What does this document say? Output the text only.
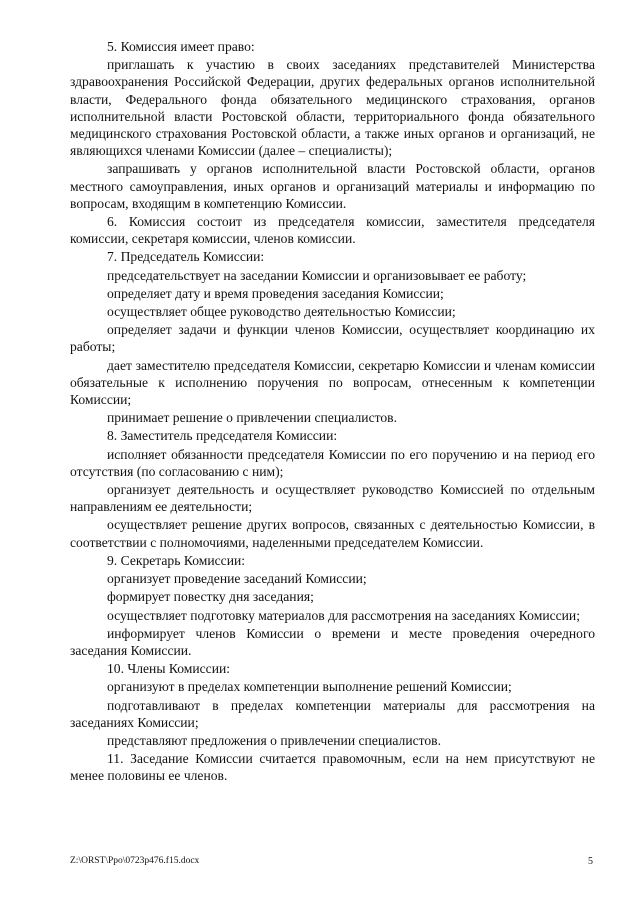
5. Комиссия имеет право:

приглашать к участию в своих заседаниях представителей Министерства здравоохранения Российской Федерации, других федеральных органов исполнительной власти, Федерального фонда обязательного медицинского страхования, органов исполнительной власти Ростовской области, территориального фонда обязательного медицинского страхования Ростовской области, а также иных органов и организаций, не являющихся членами Комиссии (далее – специалисты);

запрашивать у органов исполнительной власти Ростовской области, органов местного самоуправления, иных органов и организаций материалы и информацию по вопросам, входящим в компетенцию Комиссии.

6. Комиссия состоит из председателя комиссии, заместителя председателя комиссии, секретаря комиссии, членов комиссии.

7. Председатель Комиссии:

председательствует на заседании Комиссии и организовывает ее работу;

определяет дату и время проведения заседания Комиссии;

осуществляет общее руководство деятельностью Комиссии;

определяет задачи и функции членов Комиссии, осуществляет координацию их работы;

дает заместителю председателя Комиссии, секретарю Комиссии и членам комиссии обязательные к исполнению поручения по вопросам, отнесенным к компетенции Комиссии;

принимает решение о привлечении специалистов.

8. Заместитель председателя Комиссии:

исполняет обязанности председателя Комиссии по его поручению и на период его отсутствия (по согласованию с ним);

организует деятельность и осуществляет руководство Комиссией по отдельным направлениям ее деятельности;

осуществляет решение других вопросов, связанных с деятельностью Комиссии, в соответствии с полномочиями, наделенными председателем Комиссии.

9. Секретарь Комиссии:

организует проведение заседаний Комиссии;

формирует повестку дня заседания;

осуществляет подготовку материалов для рассмотрения на заседаниях Комиссии;

информирует членов Комиссии о времени и месте проведения очередного заседания Комиссии.

10. Члены Комиссии:

организуют в пределах компетенции выполнение решений Комиссии;

подготавливают в пределах компетенции материалы для рассмотрения на заседаниях Комиссии;

представляют предложения о привлечении специалистов.

11. Заседание Комиссии считается правомочным, если на нем присутствуют не менее половины ее членов.

Z:\ORST\Ppo\0723p476.f15.docx	5
